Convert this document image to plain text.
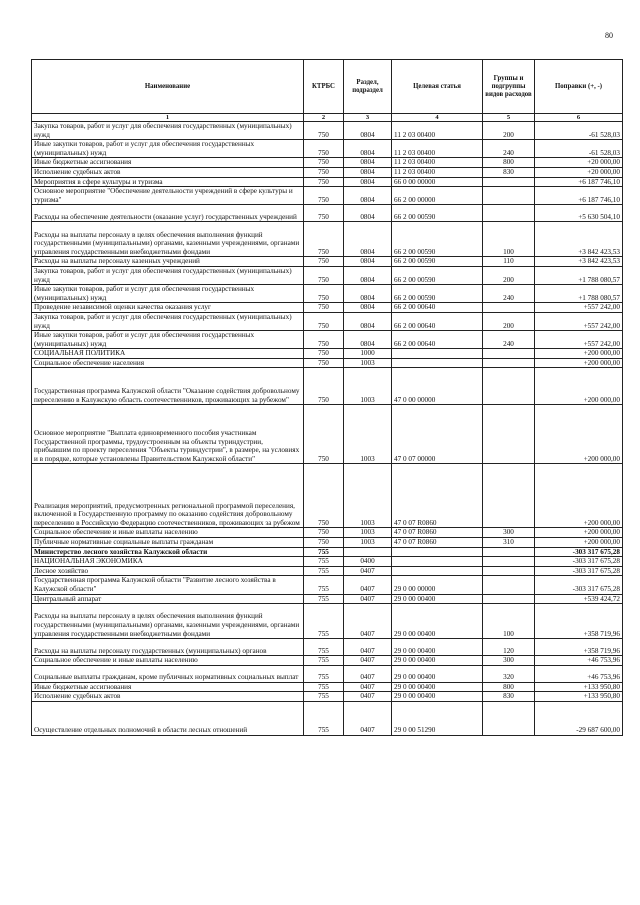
80
Наименование	КТРБС	Раздел, подраздел	Целевая статья	Группы и подгруппы видов расходов	Поправки (+, -)
1	2	3	4	5	6
Закупка товаров, работ и услуг для обеспечения государственных (муниципальных) нужд	750	0804	11 2 03 00400	200	-61 528,03
Иные закупки товаров, работ и услуг для обеспечения государственных (муниципальных) нужд	750	0804	11 2 03 00400	240	-61 528,03
Иные бюджетные ассигнования	750	0804	11 2 03 00400	800	+20 000,00
Исполнение судебных актов	750	0804	11 2 03 00400	830	+20 000,00
Мероприятия в сфере культуры и туризма	750	0804	66 0 00 00000		+6 187 746,10
Основное мероприятие "Обеспечение деятельности учреждений в сфере культуры и туризма"	750	0804	66 2 00 00000		+6 187 746,10
Расходы на обеспечение деятельности (оказание услуг) государственных учреждений	750	0804	66 2 00 00590		+5 630 504,10
Расходы на выплаты персоналу в целях обеспечения выполнения функций государственными (муниципальными) органами, казенными учреждениями, органами управления государственными внебюджетными фондами	750	0804	66 2 00 00590	100	+3 842 423,53
Расходы на выплаты персоналу казенных учреждений	750	0804	66 2 00 00590	110	+3 842 423,53
Закупка товаров, работ и услуг для обеспечения государственных (муниципальных) нужд	750	0804	66 2 00 00590	200	+1 788 080,57
Иные закупки товаров, работ и услуг для обеспечения государственных (муниципальных) нужд	750	0804	66 2 00 00590	240	+1 788 080,57
Проведение независимой оценки качества оказания услуг	750	0804	66 2 00 00640		+557 242,00
Закупка товаров, работ и услуг для обеспечения государственных (муниципальных) нужд	750	0804	66 2 00 00640	200	+557 242,00
Иные закупки товаров, работ и услуг для обеспечения государственных (муниципальных) нужд	750	0804	66 2 00 00640	240	+557 242,00
СОЦИАЛЬНАЯ ПОЛИТИКА	750	1000			+200 000,00
Социальное обеспечение населения	750	1003			+200 000,00
Государственная программа Калужской области "Оказание содействия добровольному переселению в Калужскую область соотечественников, проживающих за рубежом"	750	1003	47 0 00 00000		+200 000,00
Основное мероприятие "Выплата единовременного пособия участникам Государственной программы, трудоустроенным на объекты туриндустрии, прибывшим по проекту переселения "Объекты туриндустрии", в размере, на условиях и в порядке, которые установлены Правительством Калужской области"	750	1003	47 0 07 00000		+200 000,00
Реализация мероприятий, предусмотренных региональной программой переселения, включенной в Государственную программу по оказанию содействия добровольному переселению в Российскую Федерацию соотечественников, проживающих за рубежом	750	1003	47 0 07 R0860		+200 000,00
Социальное обеспечение и иные выплаты населению	750	1003	47 0 07 R0860	300	+200 000,00
Публичные нормативные социальные выплаты гражданам	750	1003	47 0 07 R0860	310	+200 000,00
Министерство лесного хозяйства Калужской области	755				-303 317 675,28
НАЦИОНАЛЬНАЯ ЭКОНОМИКА	755	0400			-303 317 675,28
Лесное хозяйство	755	0407			-303 317 675,28
Государственная программа Калужской области "Развитие лесного хозяйства в Калужской области"	755	0407	29 0 00 00000		-303 317 675,28
Центральный аппарат	755	0407	29 0 00 00400		+539 424,72
Расходы на выплаты персоналу в целях обеспечения выполнения функций государственными (муниципальными) органами, казенными учреждениями, органами управления государственными внебюджетными фондами	755	0407	29 0 00 00400	100	+358 719,96
Расходы на выплаты персоналу государственных (муниципальных) органов	755	0407	29 0 00 00400	120	+358 719,96
Социальное обеспечение и иные выплаты населению	755	0407	29 0 00 00400	300	+46 753,96
Социальные выплаты гражданам, кроме публичных нормативных социальных выплат	755	0407	29 0 00 00400	320	+46 753,96
Иные бюджетные ассигнования	755	0407	29 0 00 00400	800	+133 950,80
Исполнение судебных актов	755	0407	29 0 00 00400	830	+133 950,80
Осуществление отдельных полномочий в области лесных отношений	755	0407	29 0 00 51290		-29 687 600,00
